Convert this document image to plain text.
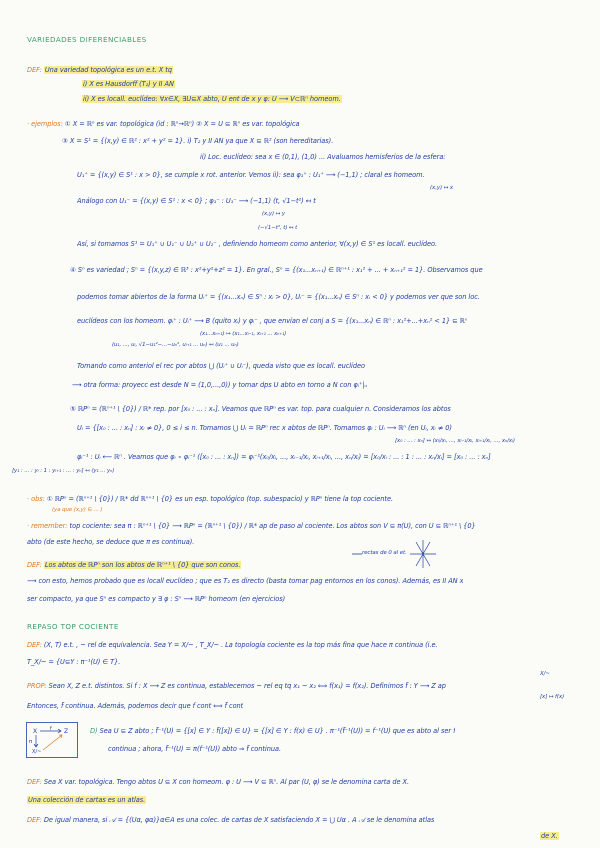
VARIEDADES DIFERENCIABLES
DEF: Una variedad topológica es un e.t. X tq
i) X es Hausdorff (T₂) y II AN
ii) X es locall. euclídeo: ∀x∈X, ∃U⊆X abto, U ent de x y φ: U ⟶ V⊂ℝⁿ homeom.
· ejemplos: ① X = ℝⁿ es var. topológica (id : ℝⁿ→ℝⁿ) ② X = U ⊆ ℝⁿ es var. topológica
③ X = S¹ = {(x,y) ∈ ℝ² : x² + y² = 1}. i) T₂ y II AN ya que X ⊆ ℝ² (son hereditarias).
ii) Loc. euclídeo: sea x ∈ (0,1), (1,0) ... Avaluamos hemisferios de la esfera:
U₁⁺ = {(x,y) ∈ S¹ : x > 0}, se cumple x rot. anterior. Vemos ii): sea φ₁⁺ : U₁⁺ ⟶ (−1,1) ; claral es homeom.
(x,y) ↦ x
Análogo con U₁⁻ = {(x,y) ∈ S¹ : x < 0} ; φ₁⁻ : U₁⁻ ⟶ (−1,1) (t, √1−t²) ↤ t
(x,y) ↦ y
(−√1−t², t) ↤ t
Así, si tomamos S¹ = U₁⁺ ∪ U₁⁻ ∪ U₂⁺ ∪ U₂⁻ , definiendo homeom como anterior, ∀(x,y) ∈ S¹ es locall. euclídeo.
④ Sⁿ es variedad ; Sⁿ = {(x,y,z) ∈ ℝ³ : x²+y²+z² = 1}. En gral., Sⁿ = {(x₁...xₙ₊₁) ∈ ℝⁿ⁺¹ : x₁² + ... + xₙ₊₁² = 1}. Observamos que
podemos tomar abiertos de la forma Uᵢ⁺ = {(x₁...xₙ) ∈ Sⁿ : xᵢ > 0}, Uᵢ⁻ = {(x₁...xₙ) ∈ Sⁿ : xᵢ < 0} y podemos ver que son loc.
euclídeos con los homeom. φᵢ⁺ : Uᵢ⁺ ⟶ B (quito xᵢ) y φᵢ⁻ , que envían el conj a S = {(x₁...xₙ) ∈ ℝⁿ : x₁²+...+xₙ² < 1} ⊆ ℝⁿ
(x₁...xₙ₊₁) ↦ (x₁...xᵢ₋₁, xᵢ₊₁ ... xₙ₊₁)
(u₁, ..., uᵢ, √1−u₁²−...−uₙ², uᵢ₊₁ ... uₙ) ↤ (u₁ ... uₙ)
Tomando como anteriol el rec por abtos ⋃ (Uᵢ⁺ ∪ Uᵢ⁻), queda visto que es locall. euclídeo
⟶ otra forma: proyecc est desde N = (1,0,...,0)) y tomar dps U abto en torno a N con φᵢ⁺|ᵤ
⑤ ℝPⁿ = (ℝⁿ⁺¹ \ {0}) / ℝ* rep. por [x₀ : ... : xₙ]. Veamos que ℝPⁿ es var. top. para cualquier n. Consideramos los abtos
Uᵢ = {[x₀ : ... : xₙ] : xᵢ ≠ 0}, 0 ≤ i ≤ n. Tomamos ⋃ Uᵢ = ℝPⁿ rec x abtos de ℝPⁿ. Tomamos φᵢ : Uᵢ ⟶ ℝⁿ (en Uᵢ, xᵢ ≠ 0)
[x₀ : ... : xₙ] ↦ (x₀/xᵢ, ..., xᵢ₋₁/xᵢ, xᵢ₊₁/xᵢ, ..., xₙ/xᵢ)
φᵢ⁻¹ : Uᵢ ⟵ ℝⁿ . Veamos que φᵢ ∘ φᵢ⁻¹ ([x₀ : ... : xₙ]) = φᵢ⁻¹(x₀/xᵢ, ..., xᵢ₋₁/xᵢ, xᵢ₊₁/xᵢ, ..., xₙ/xᵢ) = [x₀/xᵢ : ... : 1 : ... : xₙ/xᵢ] = [x₀ : ... : xₙ]
[y₁ : ... : yᵢ : 1 : yᵢ₊₁ : ... : yₙ] ↤ (y₁ ... yₙ)
· obs: ① ℝPⁿ = (ℝⁿ⁺¹ \ {0}) / ℝ* dd ℝⁿ⁺¹ \ {0} es un esp. topológico (top. subespacio) y ℝPⁿ tiene la top cociente.
(ya que (x,y) ∈ ... )
· remember: top cociente: sea π : ℝⁿ⁺¹ \ {0} ⟶ ℝPⁿ = (ℝⁿ⁺¹ \ {0}) / ℝ* ap de paso al cociente. Los abtos son V ⊆ π(U), con U ⊆ ℝⁿ⁺¹ \ {0}
abto (de este hecho, se deduce que π es continua).
rectas de 0 al et.
DEF: Los abtos de ℝPⁿ son los abtos de ℝⁿ⁺¹ \ {0} que son conos.
⟶ con esto, hemos probado que es locall euclídeo ; que es T₂ es directo (basta tomar pag entornos en los conos). Además, es II AN x
ser compacto, ya que Sⁿ es compacto y ∃ φ : Sⁿ ⟶ ℝPⁿ homeom (en ejercicios)
REPASO TOP COCIENTE
DEF: (X, T) e.t. , ~ rel de equivalencia. Sea Y = X/~ , T_X/~ . La topología cociente es la top más fina que hace π continua (i.e.
T_X/~ = {U⊆Y : π⁻¹(U) ∈ T}.
X/~
PROP: Sean X, Z e.t. distintos. Si f : X ⟶ Z es continua, establecemos ~ rel eq tq x₁ ~ x₂ ⟺ f(x₁) = f(x₂). Definimos f̃ : Y ⟶ Z ap
[x] ↦ f(x)
Entonces, f̃ continua. Además, podemos decir que f cont ⟺ f̃ cont
X	Z
X/~
f
π
D) Sea U ⊆ Z abto ; f̃⁻¹(U) = {[x] ∈ Y : f̃([x]) ∈ U} = {[x] ∈ Y : f(x) ∈ U} . π⁻¹(f̃⁻¹(U)) = f⁻¹(U) que es abto al ser f
continua ; ahora, f̃⁻¹(U) = π(f⁻¹(U)) abto ⇒ f̃ continua.
DEF: Sea X var. topológica. Tengo abtos U ⊆ X con homeom. φ : U ⟶ V ⊆ ℝⁿ. Al par (U, φ) se le denomina carta de X.
Una colección de cartas es un atlas.
DEF: De igual manera, si 𝒜 = {(Uα, φα)}α∈A es una colec. de cartas de X satisfaciendo X = ⋃ Uα . A 𝒜 se le denomina atlas
de X.
